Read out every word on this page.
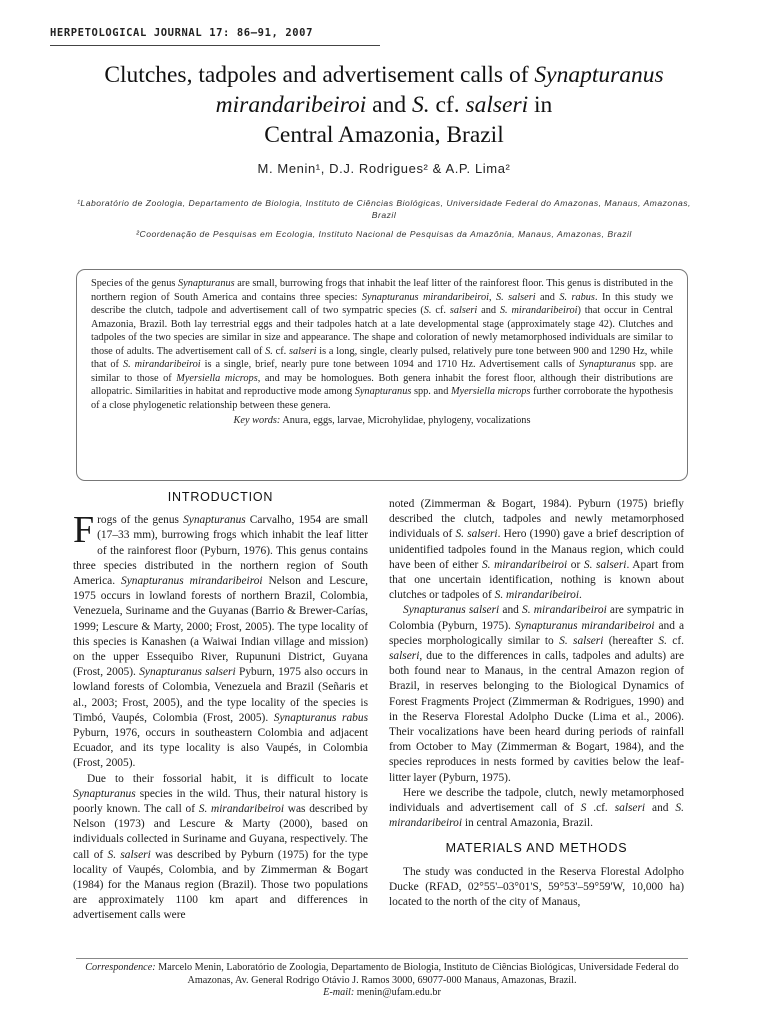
HERPETOLOGICAL JOURNAL 17: 86–91, 2007
Clutches, tadpoles and advertisement calls of Synapturanus
mirandaribeiroi and S. cf. salseri in
Central Amazonia, Brazil
M. Menin¹, D.J. Rodrigues² & A.P. Lima²
¹Laboratório de Zoologia, Departamento de Biologia, Instituto de Ciências Biológicas, Universidade Federal do Amazonas, Manaus, Amazonas, Brazil
²Coordenação de Pesquisas em Ecologia, Instituto Nacional de Pesquisas da Amazônia, Manaus, Amazonas, Brazil

Species of the genus Synapturanus are small, burrowing frogs that inhabit the leaf litter of the rainforest floor. This genus is distributed in the northern region of South America and contains three species: Synapturanus mirandaribeiroi, S. salseri and S. rabus. In this study we describe the clutch, tadpole and advertisement call of two sympatric species (S. cf. salseri and S. mirandaribeiroi) that occur in Central Amazonia, Brazil. Both lay terrestrial eggs and their tadpoles hatch at a late developmental stage (approximately stage 42). Clutches and tadpoles of the two species are similar in size and appearance. The shape and coloration of newly metamorphosed individuals are similar to those of adults. The advertisement call of S. cf. salseri is a long, single, clearly pulsed, relatively pure tone between 900 and 1290 Hz, while that of S. mirandaribeiroi is a single, brief, nearly pure tone between 1094 and 1710 Hz. Advertisement calls of Synapturanus spp. are similar to those of Myersiella microps, and may be homologues. Both genera inhabit the forest floor, although their distributions are allopatric. Similarities in habitat and reproductive mode among Synapturanus spp. and Myersiella microps further corroborate the hypothesis of a close phylogenetic relationship between these genera.

Key words: Anura, eggs, larvae, Microhylidae, phylogeny, vocalizations
INTRODUCTION

Frogs of the genus Synapturanus Carvalho, 1954 are small (17–33 mm), burrowing frogs which inhabit the leaf litter of the rainforest floor (Pyburn, 1976). This genus contains three species distributed in the northern region of South America. Synapturanus mirandaribeiroi Nelson and Lescure, 1975 occurs in lowland forests of northern Brazil, Colombia, Venezuela, Suriname and the Guyanas (Barrio & Brewer-Carías, 1999; Lescure & Marty, 2000; Frost, 2005). The type locality of this species is Kanashen (a Waiwai Indian village and mission) on the upper Essequibo River, Rupununi District, Guyana (Frost, 2005). Synapturanus salseri Pyburn, 1975 also occurs in lowland forests of Colombia, Venezuela and Brazil (Señaris et al., 2003; Frost, 2005), and the type locality of the species is Timbó, Vaupés, Colombia (Frost, 2005). Synapturanus rabus Pyburn, 1976, occurs in southeastern Colombia and adjacent Ecuador, and its type locality is also Vaupés, in Colombia (Frost, 2005).

Due to their fossorial habit, it is difficult to locate Synapturanus species in the wild. Thus, their natural history is poorly known. The call of S. mirandaribeiroi was described by Nelson (1973) and Lescure & Marty (2000), based on individuals collected in Suriname and Guyana, respectively. The call of S. salseri was described by Pyburn (1975) for the type locality of Vaupés, Colombia, and by Zimmerman & Bogart (1984) for the Manaus region (Brazil). Those two populations are approximately 1100 km apart and differences in advertisement calls were

noted (Zimmerman & Bogart, 1984). Pyburn (1975) briefly described the clutch, tadpoles and newly metamorphosed individuals of S. salseri. Hero (1990) gave a brief description of unidentified tadpoles found in the Manaus region, which could have been of either S. mirandaribeiroi or S. salseri. Apart from that one uncertain identification, nothing is known about clutches or tadpoles of S. mirandaribeiroi.

Synapturanus salseri and S. mirandaribeiroi are sympatric in Colombia (Pyburn, 1975). Synapturanus mirandaribeiroi and a species morphologically similar to S. salseri (hereafter S. cf. salseri, due to the differences in calls, tadpoles and adults) are both found near to Manaus, in the central Amazon region of Brazil, in reserves belonging to the Biological Dynamics of Forest Fragments Project (Zimmerman & Rodrigues, 1990) and in the Reserva Florestal Adolpho Ducke (Lima et al., 2006). Their vocalizations have been heard during periods of rainfall from October to May (Zimmerman & Bogart, 1984), and the species reproduces in nests formed by cavities below the leaf-litter layer (Pyburn, 1975).

Here we describe the tadpole, clutch, newly metamorphosed individuals and advertisement call of S .cf. salseri and S. mirandaribeiroi in central Amazonia, Brazil.

MATERIALS AND METHODS

The study was conducted in the Reserva Florestal Adolpho Ducke (RFAD, 02°55'–03°01'S, 59°53'–59°59'W, 10,000 ha) located to the north of the city of Manaus,

Correspondence: Marcelo Menin, Laboratório de Zoologia, Departamento de Biologia, Instituto de Ciências Biológicas, Universidade Federal do Amazonas, Av. General Rodrigo Otávio J. Ramos 3000, 69077-000 Manaus, Amazonas, Brazil.
E-mail: menin@ufam.edu.br
